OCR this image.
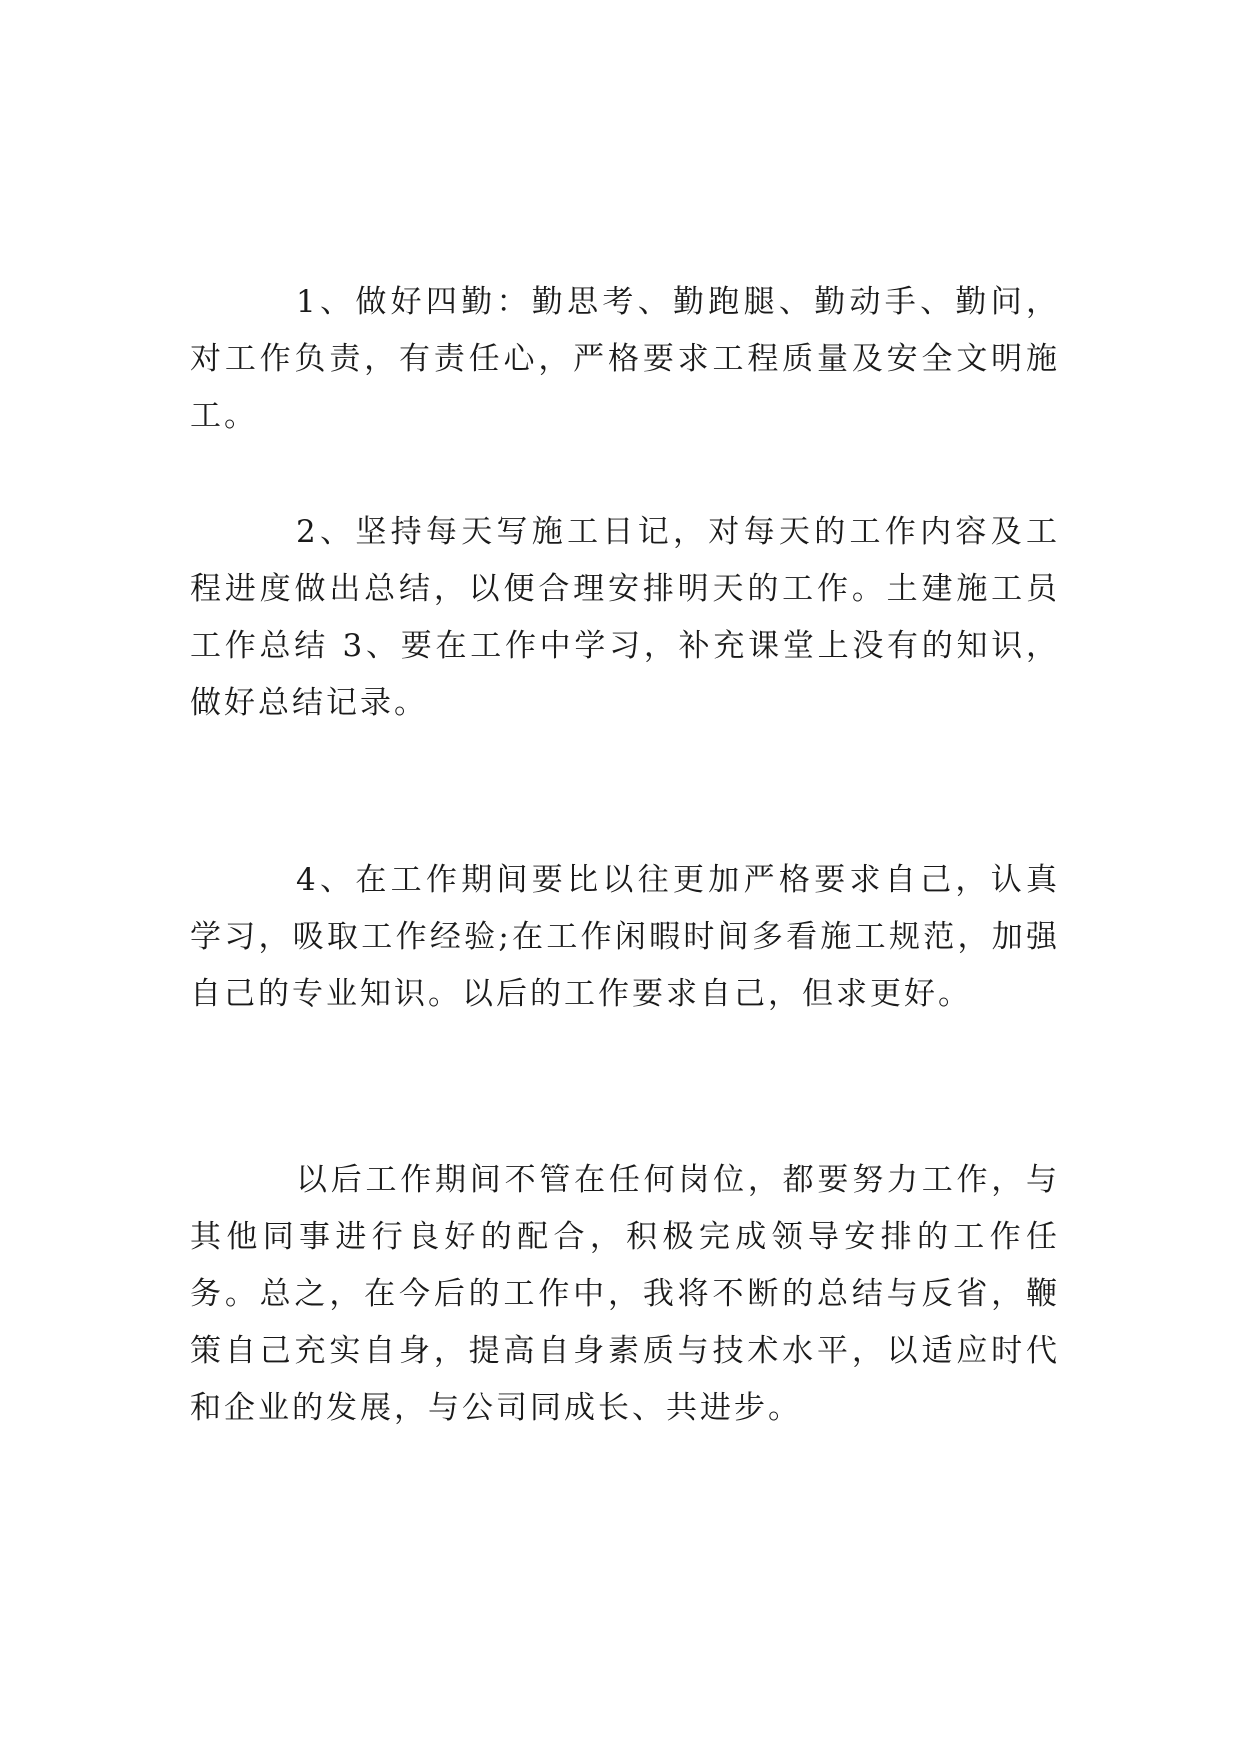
1、做好四勤：勤思考、勤跑腿、勤动手、勤问，对工作负责，有责任心，严格要求工程质量及安全文明施工。

2、坚持每天写施工日记，对每天的工作内容及工程进度做出总结，以便合理安排明天的工作。土建施工员工作总结 3、要在工作中学习，补充课堂上没有的知识，做好总结记录。

4、在工作期间要比以往更加严格要求自己，认真学习，吸取工作经验;在工作闲暇时间多看施工规范，加强自己的专业知识。以后的工作要求自己，但求更好。

以后工作期间不管在任何岗位，都要努力工作，与其他同事进行良好的配合，积极完成领导安排的工作任务。总之，在今后的工作中，我将不断的总结与反省，鞭策自己充实自身，提高自身素质与技术水平，以适应时代和企业的发展，与公司同成长、共进步。
